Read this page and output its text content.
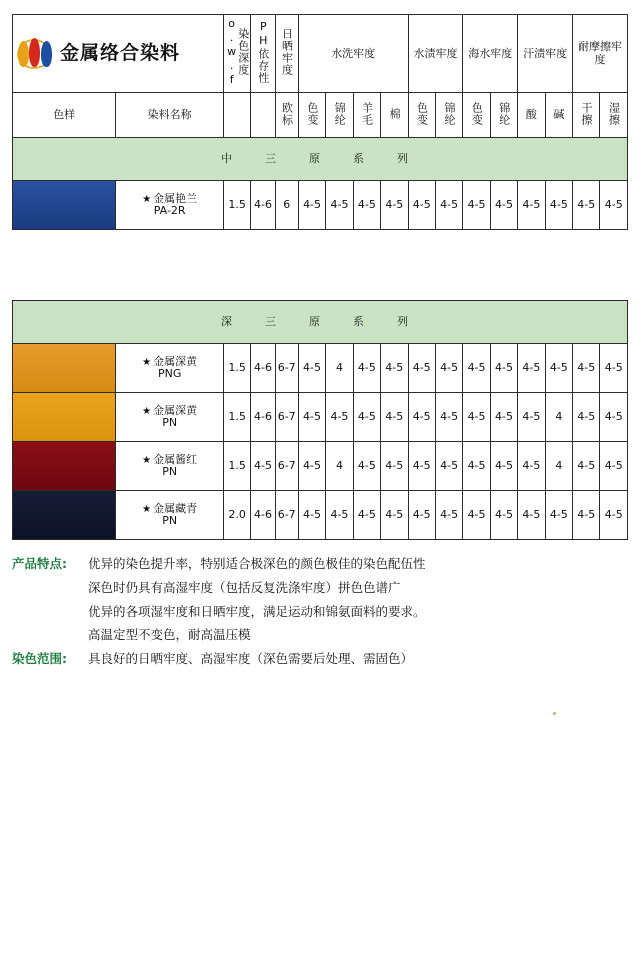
金属络合染料		染色深度 o.w.f	PH依存性	日晒牢度	水洗牢度				水渍牢度		海水牢度		汗渍牢度		耐摩擦牢度	
色样	染料名称			欧标	色变	锦纶	羊毛	棉	色变	锦纶	色变	锦纶	酸	碱	干擦	湿擦
中　三　原　系　列																

	★ 金属艳兰
PA-2R	1.5	4-6	6	4-5	4-5	4-5	4-5	4-5	4-5	4-5	4-5	4-5	4-5	4-5	4-5
深　三　原　系　列																

	★ 金属深黄
PNG	1.5	4-6	6-7	4-5	4	4-5	4-5	4-5	4-5	4-5	4-5	4-5	4-5	4-5	4-5

	★ 金属深黄
PN	1.5	4-6	6-7	4-5	4-5	4-5	4-5	4-5	4-5	4-5	4-5	4-5	4	4-5	4-5

	★ 金属酱红
PN	1.5	4-5	6-7	4-5	4	4-5	4-5	4-5	4-5	4-5	4-5	4-5	4	4-5	4-5

	★ 金属藏青
PN	2.0	4-6	6-7	4-5	4-5	4-5	4-5	4-5	4-5	4-5	4-5	4-5	4-5	4-5	4-5
产品特点:	优异的染色提升率，特别适合极深色的颜色极佳的染色配伍性
深色时仍具有高湿牢度（包括反复洗涤牢度）拼色色谱广
优异的各项湿牢度和日晒牢度，满足运动和锦氨面料的要求。
高温定型不变色，耐高温压模
染色范围:	具良好的日晒牢度、高湿牢度（深色需要后处理、需固色）
